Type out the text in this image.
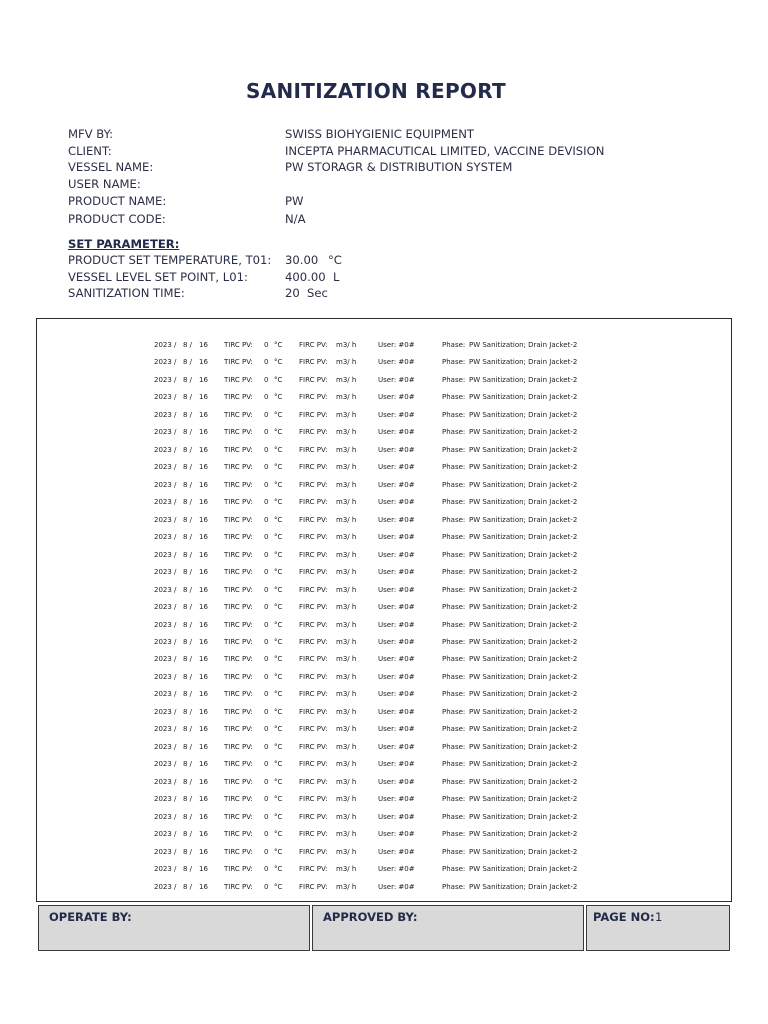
SANITIZATION REPORT
MFV BY:	SWISS BIOHYGIENIC EQUIPMENT
CLIENT:	INCEPTA PHARMACUTICAL LIMITED, VACCINE DEVISION
VESSEL NAME:	PW STORAGR & DISTRIBUTION SYSTEM
USER NAME:
PRODUCT NAME:	PW
PRODUCT CODE:	N/A
SET PARAMETER:
PRODUCT SET TEMPERATURE, T01: 30.00 °C
VESSEL LEVEL SET POINT, L01:	400.00 L
SANITIZATION TIME:	20 Sec
2023 / 8 / 16 TIRC PV: 0 °C FIRC PV: m3/ h	User: #0#	Phase: PW Sanitization; Drain Jacket-2
2023 / 8 / 16 TIRC PV: 0 °C FIRC PV: m3/ h	User: #0#	Phase: PW Sanitization; Drain Jacket-2
2023 / 8 / 16 TIRC PV: 0 °C FIRC PV: m3/ h	User: #0#	Phase: PW Sanitization; Drain Jacket-2
2023 / 8 / 16 TIRC PV: 0 °C FIRC PV: m3/ h	User: #0#	Phase: PW Sanitization; Drain Jacket-2
2023 / 8 / 16 TIRC PV: 0 °C FIRC PV: m3/ h	User: #0#	Phase: PW Sanitization; Drain Jacket-2
2023 / 8 / 16 TIRC PV: 0 °C FIRC PV: m3/ h	User: #0#	Phase: PW Sanitization; Drain Jacket-2
2023 / 8 / 16 TIRC PV: 0 °C FIRC PV: m3/ h	User: #0#	Phase: PW Sanitization; Drain Jacket-2
2023 / 8 / 16 TIRC PV: 0 °C FIRC PV: m3/ h	User: #0#	Phase: PW Sanitization; Drain Jacket-2
2023 / 8 / 16 TIRC PV: 0 °C FIRC PV: m3/ h	User: #0#	Phase: PW Sanitization; Drain Jacket-2
2023 / 8 / 16 TIRC PV: 0 °C FIRC PV: m3/ h	User: #0#	Phase: PW Sanitization; Drain Jacket-2
2023 / 8 / 16 TIRC PV: 0 °C FIRC PV: m3/ h	User: #0#	Phase: PW Sanitization; Drain Jacket-2
2023 / 8 / 16 TIRC PV: 0 °C FIRC PV: m3/ h	User: #0#	Phase: PW Sanitization; Drain Jacket-2
2023 / 8 / 16 TIRC PV: 0 °C FIRC PV: m3/ h	User: #0#	Phase: PW Sanitization; Drain Jacket-2
2023 / 8 / 16 TIRC PV: 0 °C FIRC PV: m3/ h	User: #0#	Phase: PW Sanitization; Drain Jacket-2
2023 / 8 / 16 TIRC PV: 0 °C FIRC PV: m3/ h	User: #0#	Phase: PW Sanitization; Drain Jacket-2
2023 / 8 / 16 TIRC PV: 0 °C FIRC PV: m3/ h	User: #0#	Phase: PW Sanitization; Drain Jacket-2
2023 / 8 / 16 TIRC PV: 0 °C FIRC PV: m3/ h	User: #0#	Phase: PW Sanitization; Drain Jacket-2
2023 / 8 / 16 TIRC PV: 0 °C FIRC PV: m3/ h	User: #0#	Phase: PW Sanitization; Drain Jacket-2
2023 / 8 / 16 TIRC PV: 0 °C FIRC PV: m3/ h	User: #0#	Phase: PW Sanitization; Drain Jacket-2
2023 / 8 / 16 TIRC PV: 0 °C FIRC PV: m3/ h	User: #0#	Phase: PW Sanitization; Drain Jacket-2
2023 / 8 / 16 TIRC PV: 0 °C FIRC PV: m3/ h	User: #0#	Phase: PW Sanitization; Drain Jacket-2
2023 / 8 / 16 TIRC PV: 0 °C FIRC PV: m3/ h	User: #0#	Phase: PW Sanitization; Drain Jacket-2
2023 / 8 / 16 TIRC PV: 0 °C FIRC PV: m3/ h	User: #0#	Phase: PW Sanitization; Drain Jacket-2
2023 / 8 / 16 TIRC PV: 0 °C FIRC PV: m3/ h	User: #0#	Phase: PW Sanitization; Drain Jacket-2
2023 / 8 / 16 TIRC PV: 0 °C FIRC PV: m3/ h	User: #0#	Phase: PW Sanitization; Drain Jacket-2
2023 / 8 / 16 TIRC PV: 0 °C FIRC PV: m3/ h	User: #0#	Phase: PW Sanitization; Drain Jacket-2
2023 / 8 / 16 TIRC PV: 0 °C FIRC PV: m3/ h	User: #0#	Phase: PW Sanitization; Drain Jacket-2
2023 / 8 / 16 TIRC PV: 0 °C FIRC PV: m3/ h	User: #0#	Phase: PW Sanitization; Drain Jacket-2
2023 / 8 / 16 TIRC PV: 0 °C FIRC PV: m3/ h	User: #0#	Phase: PW Sanitization; Drain Jacket-2
2023 / 8 / 16 TIRC PV: 0 °C FIRC PV: m3/ h	User: #0#	Phase: PW Sanitization; Drain Jacket-2
2023 / 8 / 16 TIRC PV: 0 °C FIRC PV: m3/ h	User: #0#	Phase: PW Sanitization; Drain Jacket-2
2023 / 8 / 16 TIRC PV: 0 °C FIRC PV: m3/ h	User: #0#	Phase: PW Sanitization; Drain Jacket-2
OPERATE BY:	APPROVED BY:	PAGE NO: 1
